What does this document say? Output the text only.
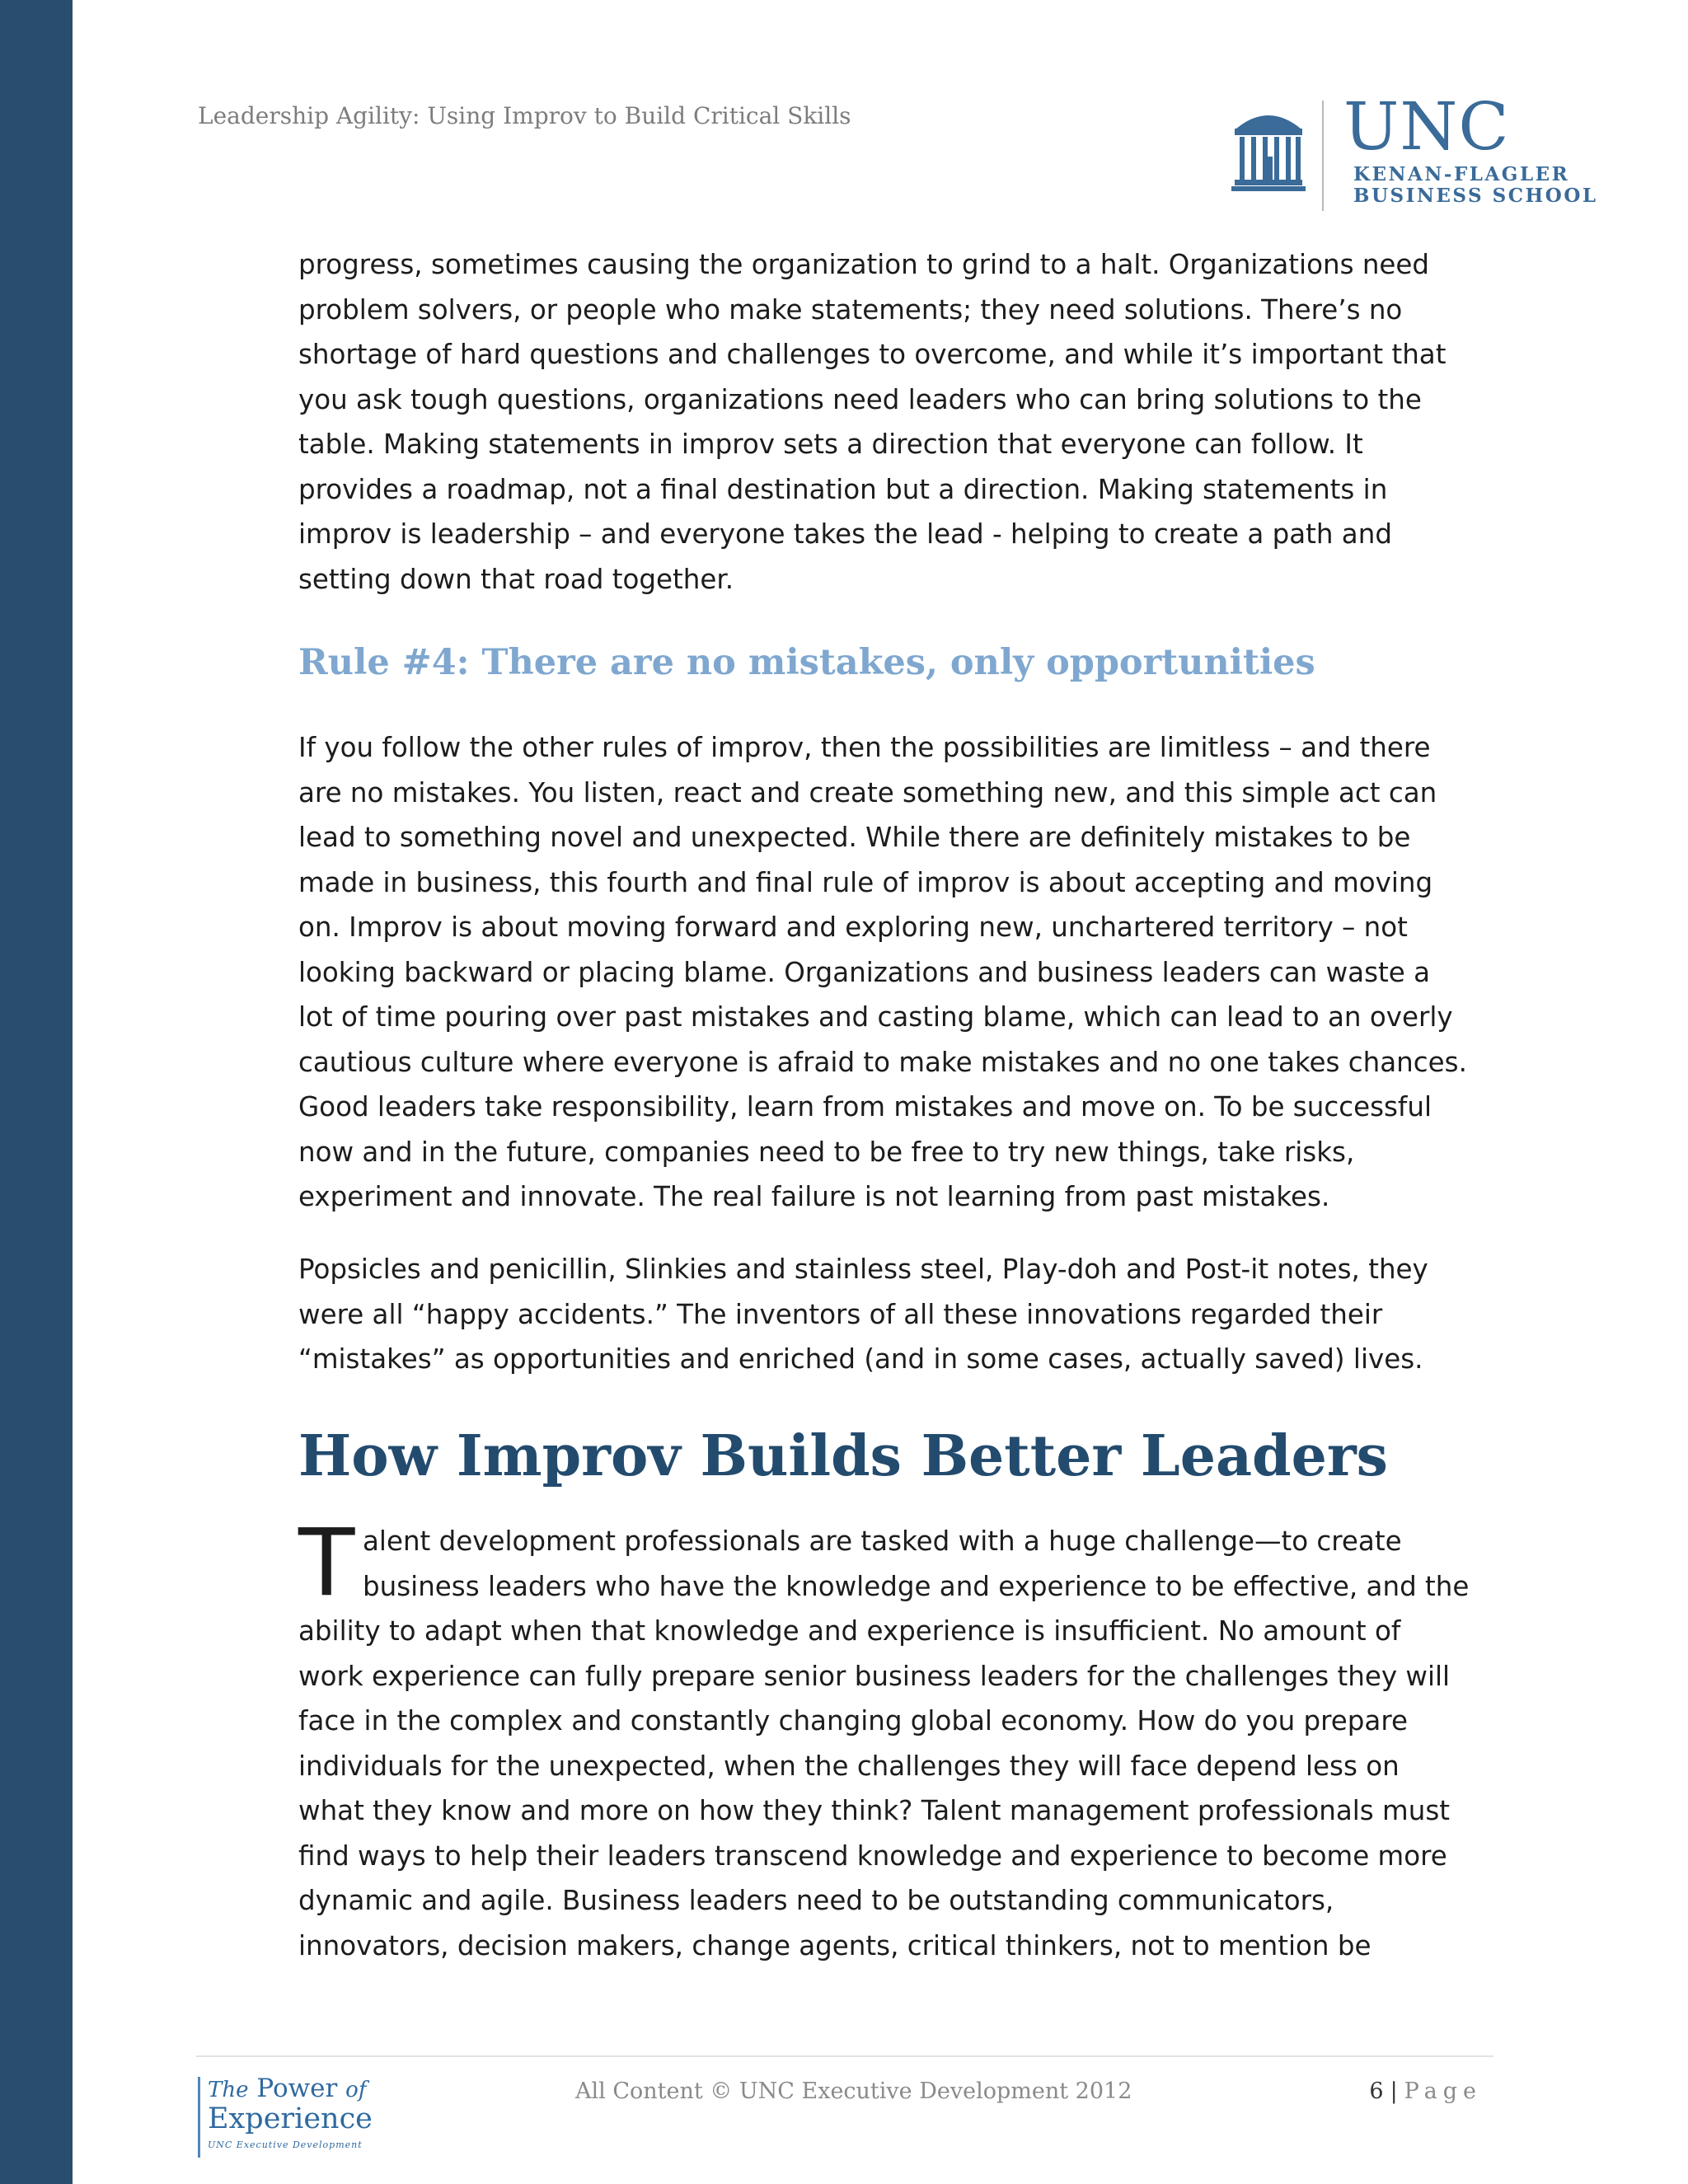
Leadership Agility: Using Improv to Build Critical Skills	UNC
KENAN-FLAGLER
BUSINESS SCHOOL

progress, sometimes causing the organization to grind to a halt. Organizations need
problem solvers, or people who make statements; they need solutions. There’s no
shortage of hard questions and challenges to overcome, and while it’s important that
you ask tough questions, organizations need leaders who can bring solutions to the
table. Making statements in improv sets a direction that everyone can follow. It
provides a roadmap, not a final destination but a direction. Making statements in
improv is leadership – and everyone takes the lead - helping to create a path and
setting down that road together.

Rule #4: There are no mistakes, only opportunities

If you follow the other rules of improv, then the possibilities are limitless – and there
are no mistakes. You listen, react and create something new, and this simple act can
lead to something novel and unexpected. While there are definitely mistakes to be
made in business, this fourth and final rule of improv is about accepting and moving
on. Improv is about moving forward and exploring new, unchartered territory – not
looking backward or placing blame. Organizations and business leaders can waste a
lot of time pouring over past mistakes and casting blame, which can lead to an overly
cautious culture where everyone is afraid to make mistakes and no one takes chances.
Good leaders take responsibility, learn from mistakes and move on. To be successful
now and in the future, companies need to be free to try new things, take risks,
experiment and innovate. The real failure is not learning from past mistakes.

Popsicles and penicillin, Slinkies and stainless steel, Play-doh and Post-it notes, they
were all “happy accidents.” The inventors of all these innovations regarded their
“mistakes” as opportunities and enriched (and in some cases, actually saved) lives.

How Improv Builds Better Leaders
T alent development professionals are tasked with a huge challenge—to create
business leaders who have the knowledge and experience to be effective, and the
ability to adapt when that knowledge and experience is insufficient. No amount of
work experience can fully prepare senior business leaders for the challenges they will
face in the complex and constantly changing global economy. How do you prepare
individuals for the unexpected, when the challenges they will face depend less on
what they know and more on how they think? Talent management professionals must
find ways to help their leaders transcend knowledge and experience to become more
dynamic and agile. Business leaders need to be outstanding communicators,
innovators, decision makers, change agents, critical thinkers, not to mention be

The Power of
Experience
UNC Executive Development
All Content © UNC Executive Development 2012	6 | Page
